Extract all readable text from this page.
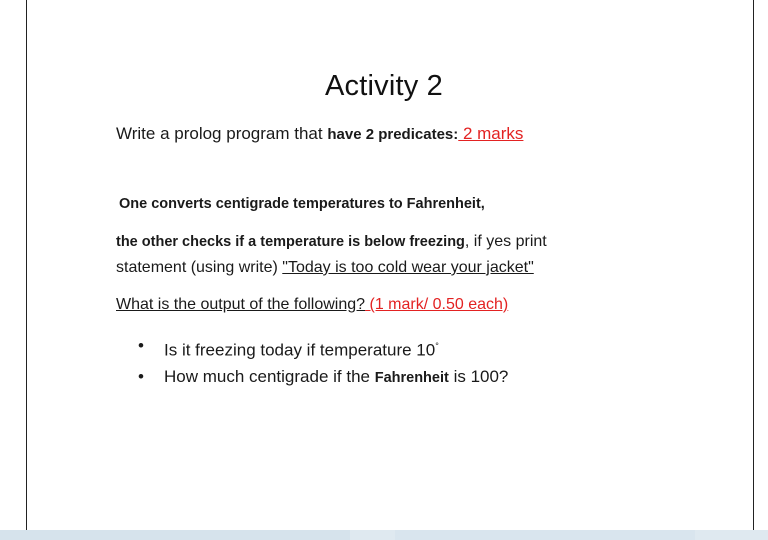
Activity 2
Write a prolog program that have 2 predicates: 2 marks
One converts centigrade temperatures to Fahrenheit,
the other checks if a temperature is below freezing, if yes print
statement (using write) "Today is too cold wear your jacket"
What is the output of the following? (1 mark/ 0.50 each)
• Is it freezing today if temperature 10°
• How much centigrade if the Fahrenheit is 100?
